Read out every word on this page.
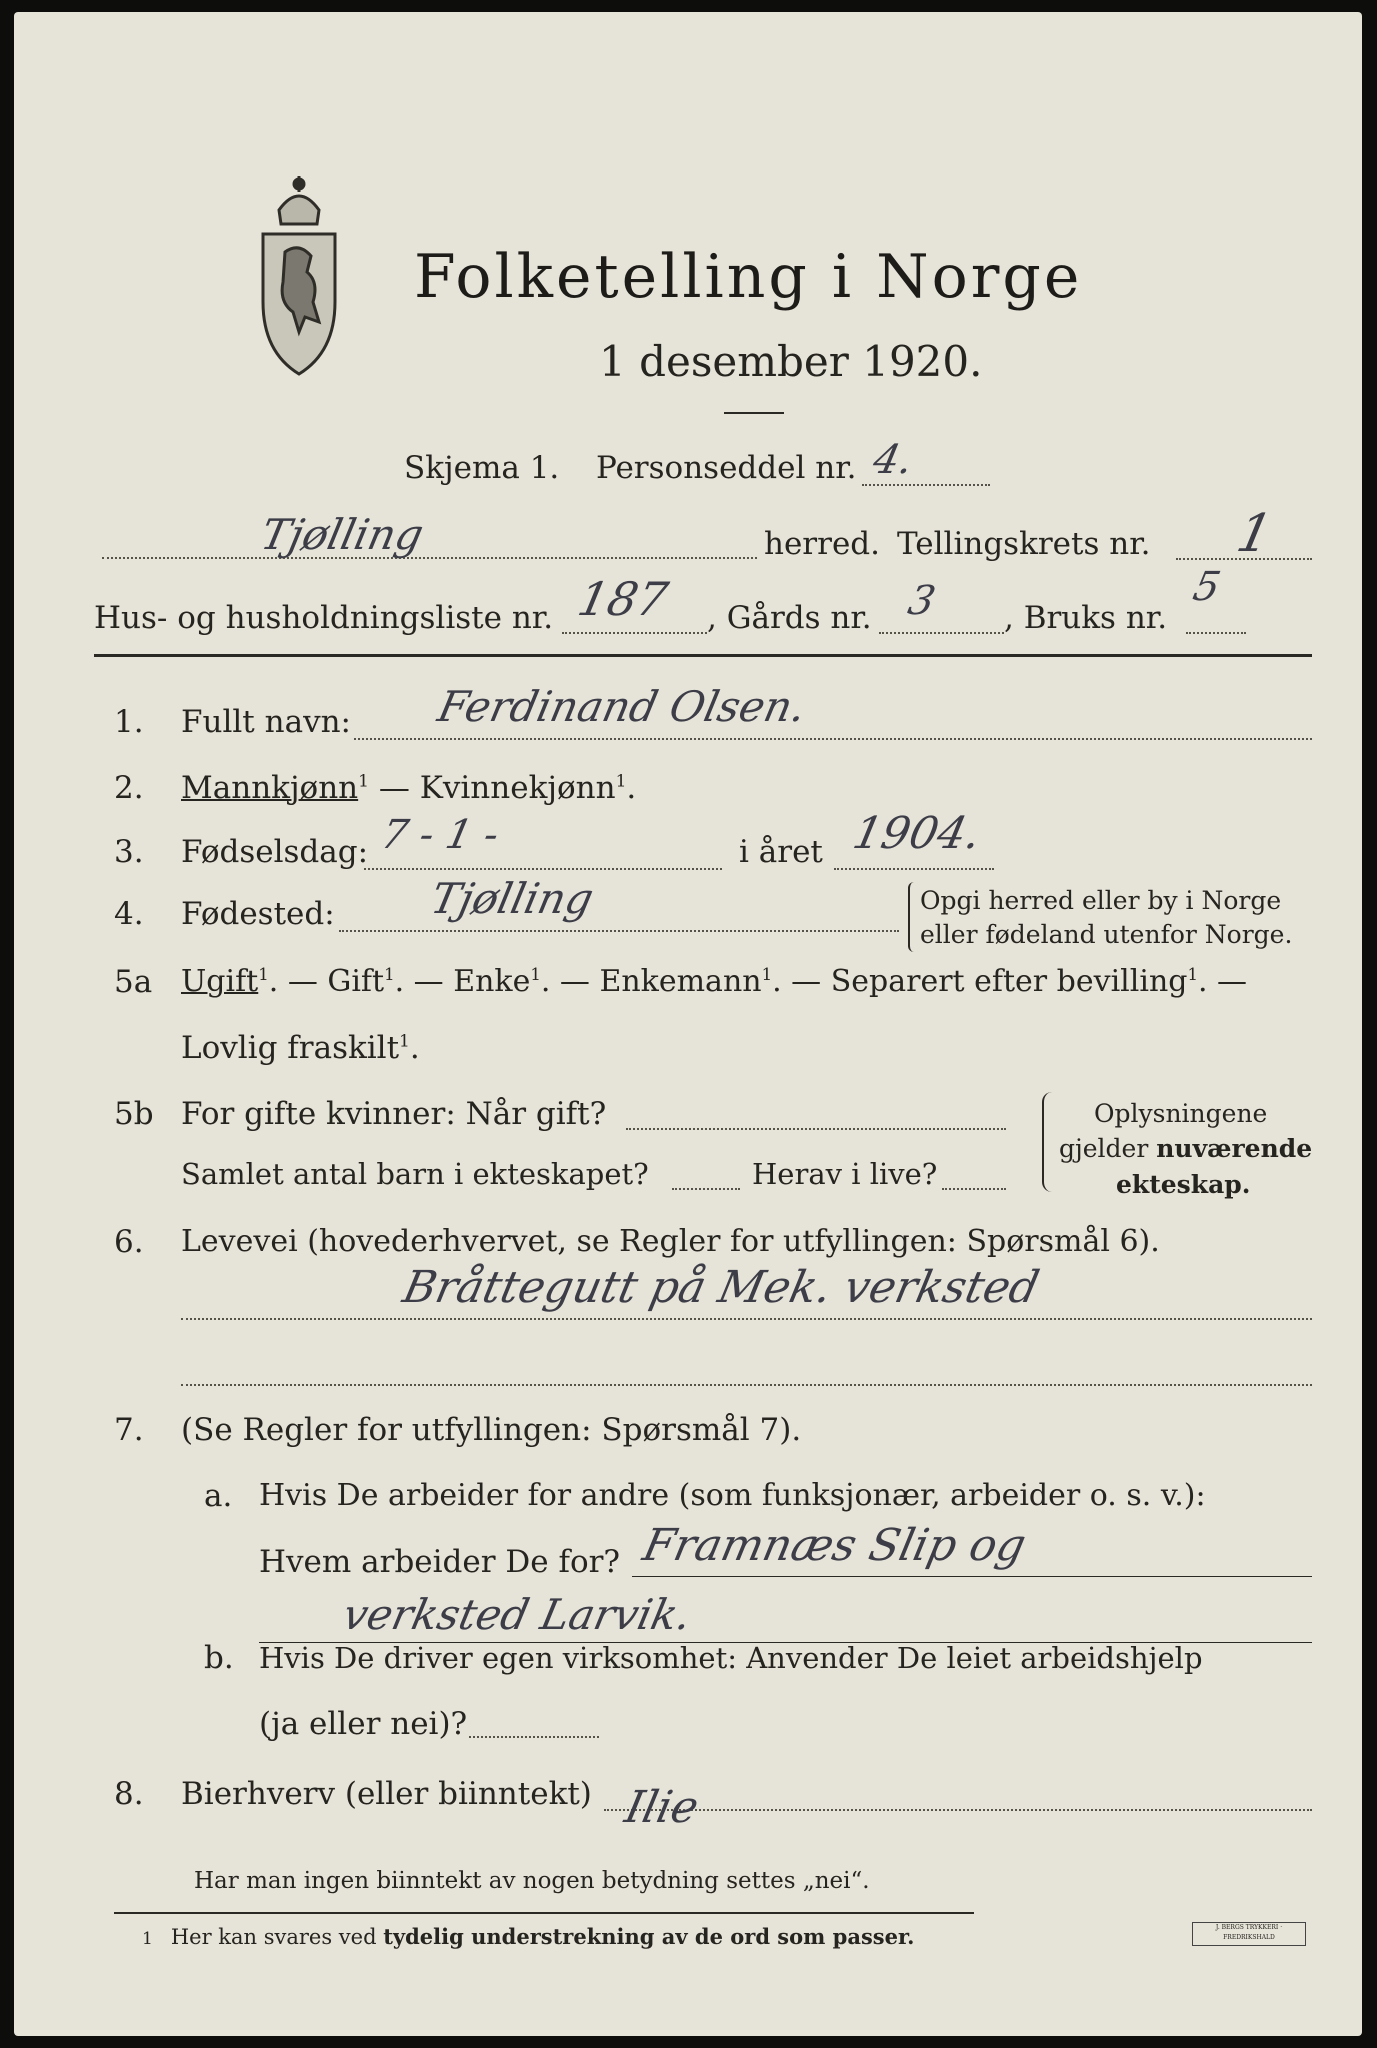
Folketelling i Norge
1 desember 1920.
Skjema 1. Personseddel nr. 4.
Tjølling	herred. Tellingskrets nr. 1
Hus- og husholdningsliste nr. 187 , Gårds nr. 3 , Bruks nr.
5
1. Fullt navn: Ferdinand Olsen.
2. Mannkjønn$^1$ — Kvinnekjønn$^1$.
3. Fødselsdag: 7 - 1 -	i året 1904.
4. Fødested: Tjølling	Opgi herred eller by i Norge
eller fødeland utenfor Norge.
5a Ugift$^1$. — Gift$^1$. — Enke$^1$. — Enkemann$^1$. — Separert efter bevilling$^1$. —
Lovlig fraskilt$^1$.
5b For gifte kvinner: Når gift?
Samlet antal barn i ekteskapet?	Herav i live?
Oplysningene
gjelder nuværende
ekteskap.
6. Levevei (hovederhvervet, se Regler for utfyllingen: Spørsmål 6).
Bråttegutt på Mek. verksted
7. (Se Regler for utfyllingen: Spørsmål 7).
a. Hvis De arbeider for andre (som funksjonær, arbeider o. s. v.):
Hvem arbeider De for? Framnæs Slip og
verksted Larvik.
b. Hvis De driver egen virksomhet: Anvender De leiet arbeidshjelp
(ja eller nei)?
8. Bierhverv (eller biinntekt) Ilie
Har man ingen biinntekt av nogen betydning settes „nei“.
1 Her kan svares ved tydelig understrekning av de ord som passer.	J. BERGS TRYKKERI · FREDRIKSHALD
